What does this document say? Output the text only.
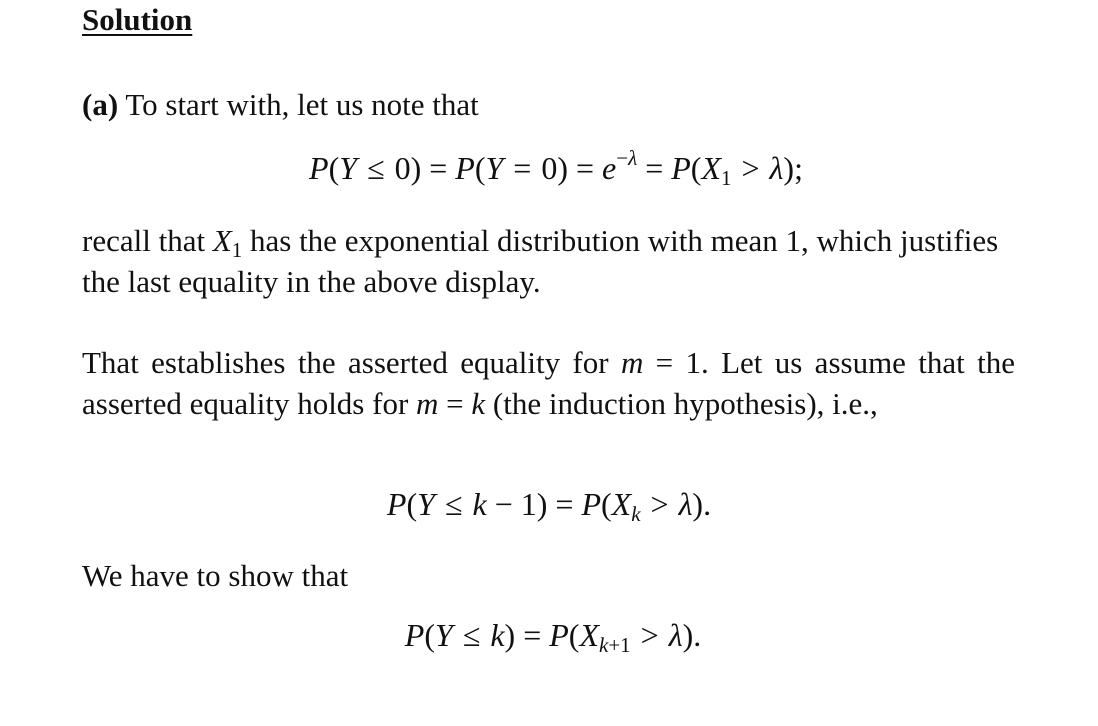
Solution
(a) To start with, let us note that
$P(Y \le 0) = P(Y = 0) = e^{-\lambda} = P(X_1 > \lambda)$;
recall that $X_1$ has the exponential distribution with mean 1, which justifies the last equality in the above display.
That establishes the asserted equality for m = 1. Let us assume that the asserted equality holds for m = k (the induction hypothesis), i.e.,
$P(Y \le k - 1) = P(X_k > \lambda)$.
We have to show that
$P(Y \le k) = P(X_{k+1} > \lambda)$.
